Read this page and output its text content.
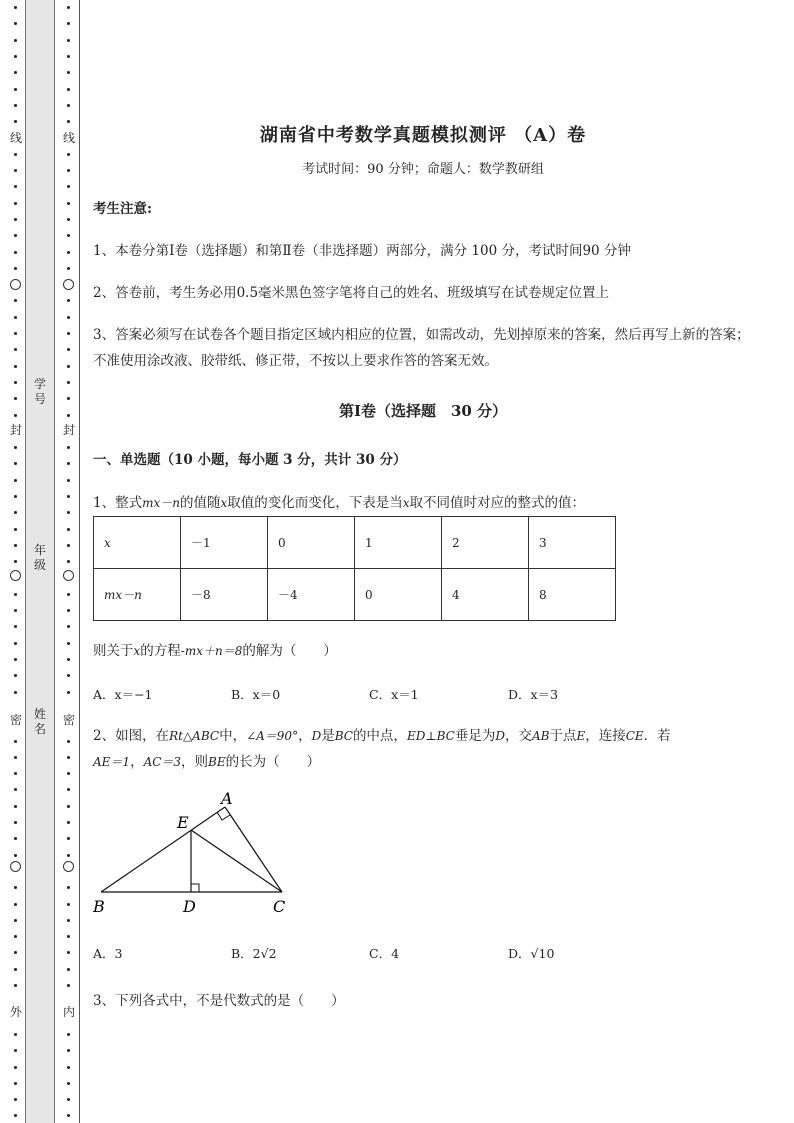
线
封
密
外
线
封
密
内
学号
年级
姓名
湖南省中考数学真题模拟测评 （A）卷
考试时间：90 分钟；命题人：数学教研组
考生注意:
1、本卷分第Ⅰ卷（选择题）和第Ⅱ卷（非选择题）两部分，满分 100 分，考试时间90 分钟
2、答卷前，考生务必用0.5毫米黑色签字笔将自己的姓名、班级填写在试卷规定位置上
3、答案必须写在试卷各个题目指定区域内相应的位置，如需改动，先划掉原来的答案，然后再写上新的答案；不准使用涂改液、胶带纸、修正带，不按以上要求作答的答案无效。
第Ⅰ卷（选择题　30 分）
一、单选题（10 小题，每小题 3 分，共计 30 分）
1、整式mx－n的值随x取值的变化而变化，下表是当x取不同值时对应的整式的值：
x	－1	0	1	2	3
mx－n	－8	－4	0	4	8
则关于x的方程-mx＋n＝8的解为（　　）
A．x＝−1	B．x＝0	C．x＝1	D．x＝3
2、如图，在Rt△ABC中，∠A＝90°，D是BC的中点，ED⊥BC垂足为D，交AB于点E，连接CE．若
AE＝1，AC＝3，则BE的长为（　　）
A
E
B	D	C
A．3	B．2√2	C．4	D．√10
3、下列各式中，不是代数式的是（　　）
